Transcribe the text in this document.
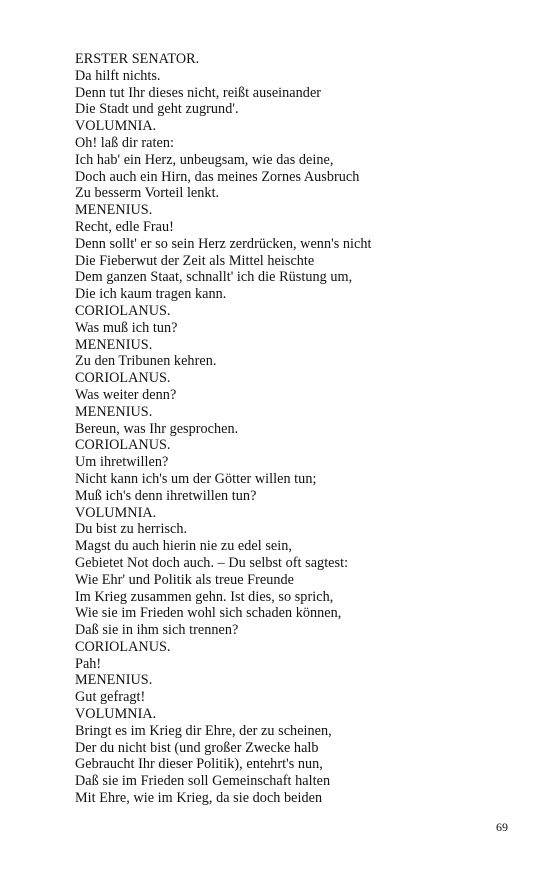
ERSTER SENATOR.
Da hilft nichts.
Denn tut Ihr dieses nicht, reißt auseinander
Die Stadt und geht zugrund'.
VOLUMNIA.
Oh! laß dir raten:
Ich hab' ein Herz, unbeugsam, wie das deine,
Doch auch ein Hirn, das meines Zornes Ausbruch
Zu besserm Vorteil lenkt.
MENENIUS.
Recht, edle Frau!
Denn sollt' er so sein Herz zerdrücken, wenn's nicht
Die Fieberwut der Zeit als Mittel heischte
Dem ganzen Staat, schnallt' ich die Rüstung um,
Die ich kaum tragen kann.
CORIOLANUS.
Was muß ich tun?
MENENIUS.
Zu den Tribunen kehren.
CORIOLANUS.
Was weiter denn?
MENENIUS.
Bereun, was Ihr gesprochen.
CORIOLANUS.
Um ihretwillen?
Nicht kann ich's um der Götter willen tun;
Muß ich's denn ihretwillen tun?
VOLUMNIA.
Du bist zu herrisch.
Magst du auch hierin nie zu edel sein,
Gebietet Not doch auch. – Du selbst oft sagtest:
Wie Ehr' und Politik als treue Freunde
Im Krieg zusammen gehn. Ist dies, so sprich,
Wie sie im Frieden wohl sich schaden können,
Daß sie in ihm sich trennen?
CORIOLANUS.
Pah!
MENENIUS.
Gut gefragt!
VOLUMNIA.
Bringt es im Krieg dir Ehre, der zu scheinen,
Der du nicht bist (und großer Zwecke halb
Gebraucht Ihr dieser Politik), entehrt's nun,
Daß sie im Frieden soll Gemeinschaft halten
Mit Ehre, wie im Krieg, da sie doch beiden
69
